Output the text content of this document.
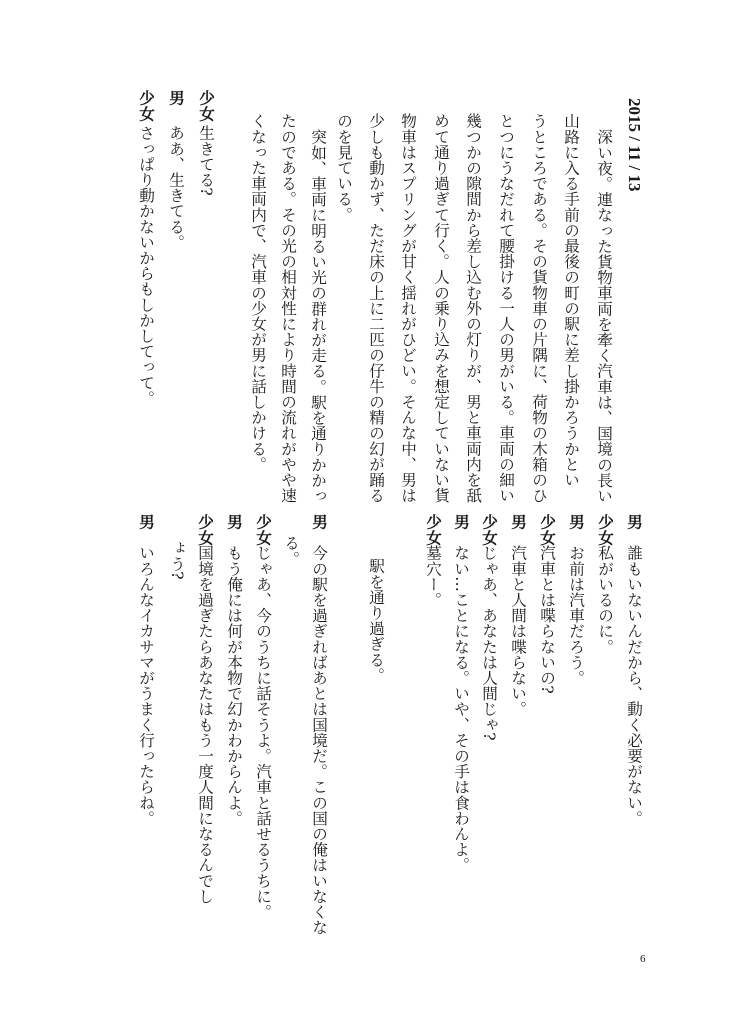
2015 / 11 / 13
深い夜。連なった貨物車両を牽く汽車は、国境の長い
山路に入る手前の最後の町の駅に差し掛かろうかとい
うところである。その貨物車の片隅に、荷物の木箱のひ
とつにうなだれて腰掛ける一人の男がいる。車両の細い
幾つかの隙間から差し込む外の灯りが、男と車両内を舐
めて通り過ぎて行く。人の乗り込みを想定していない貨
物車はスプリングが甘く揺れがひどい。そんな中、男は
少しも動かず、ただ床の上に二匹の仔牛の精の幻が踊る
のを見ている。
突如、車両に明るい光の群れが走る。駅を通りかかっ
たのである。その光の相対性により時間の流れがやや速
くなった車両内で、汽車の少女が男に話しかける。
少女
生きてる?
男
ああ、生きてる。
少女
さっぱり動かないからもしかしてって。
男
誰もいないんだから、動く必要がない。
少女
私がいるのに。
男
お前は汽車だろう。
少女
汽車とは喋らないの?
男
汽車と人間は喋らない。
少女
じゃあ、あなたは人間じゃ?
男
ない…ことになる。いや、その手は食わんよ。
少女
墓穴ー。
駅を通り過ぎる。
男
今の駅を過ぎればあとは国境だ。この国の俺はいなくな
る。
少女
じゃあ、今のうちに話そうよ。汽車と話せるうちに。
男
もう俺には何が本物で幻かわからんよ。
少女
国境を過ぎたらあなたはもう一度人間になるんでし
ょう?
男
いろんなイカサマがうまく行ったらね。
6
